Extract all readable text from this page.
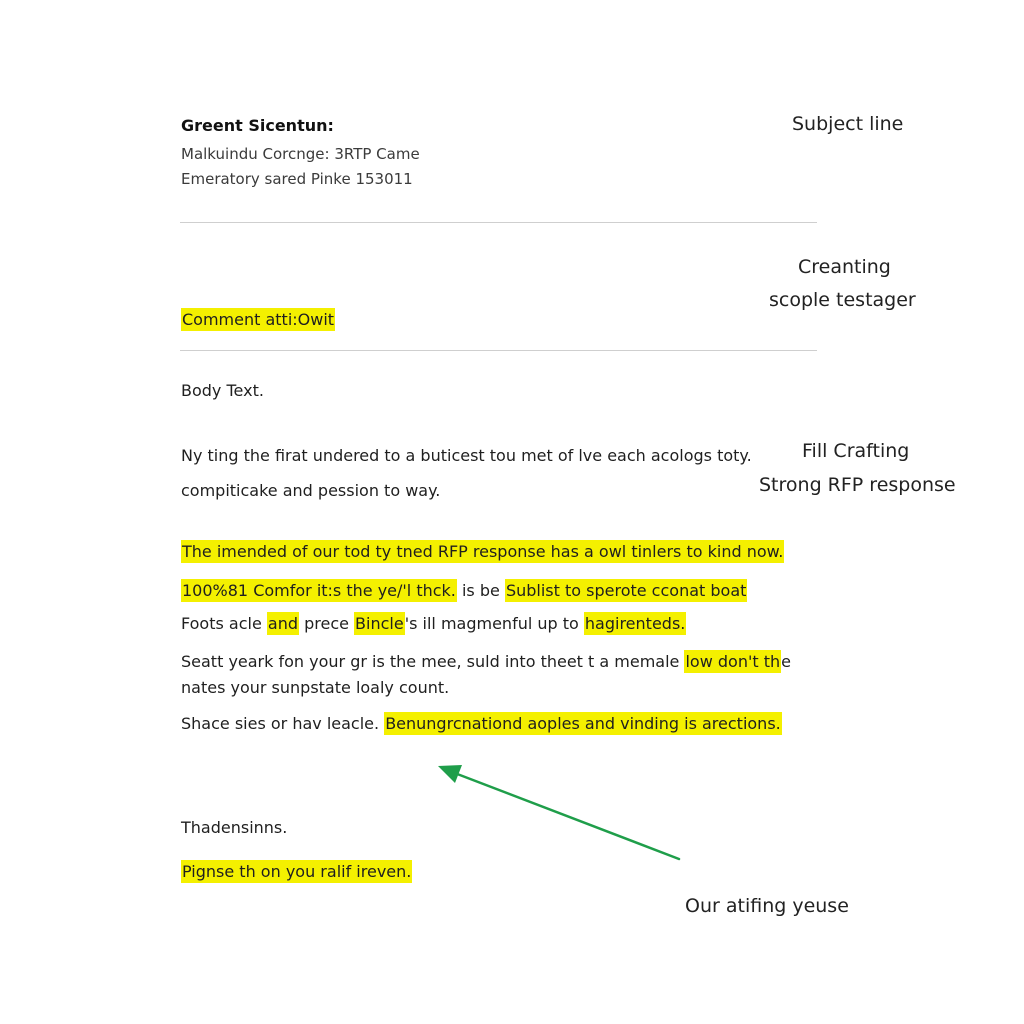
Greent Sicentun:
Malkuindu Corcnge: 3RTP Came
Emeratory sared Pinke 153011
Comment atti:Owit
Body Text.
Ny ting the firat undered to a buticest tou met of lve each acologs toty.
compiticake and pession to way.
The imended of our tod ty tned RFP response has a owl tinlers to kind now.
100%81 Comfor it:s the ye/'l thck. is be Sublist to sperote cconat boat
Foots acle and prece Bincle's ill magmenful up to hagirenteds.
Seatt yeark fon your gr is the mee, suld into theet t a memale low don't the
nates your sunpstate loaly count.
Shace sies or hav leacle. Benungrcnationd aoples and vinding is arections.
Thadensinns.
Pignse th on you ralif ireven.
Subject line
Creanting
scople testager
Fill Crafting
Strong RFP response
Our atifing yeuse
